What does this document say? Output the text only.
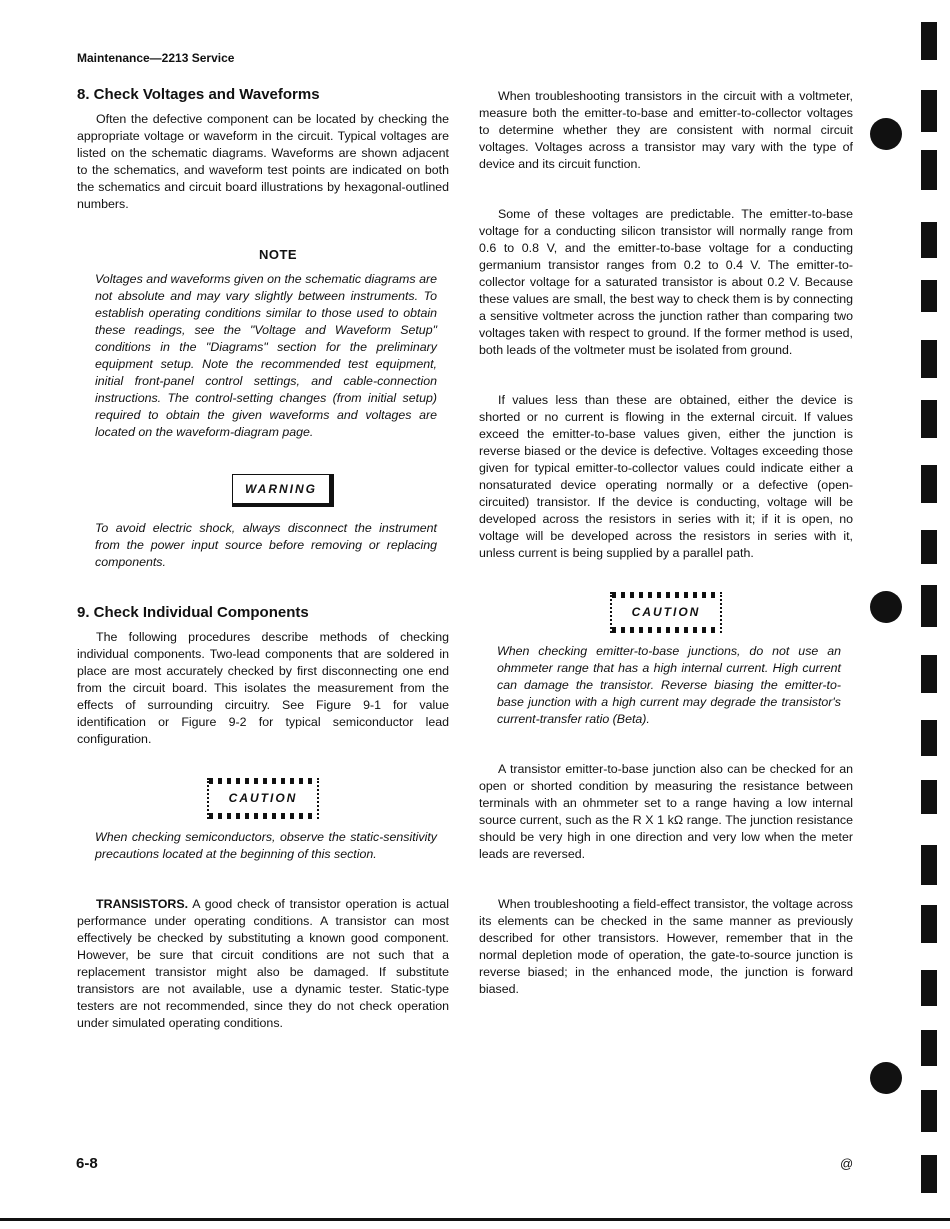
Maintenance—2213 Service
8. Check Voltages and Waveforms

Often the defective component can be located by checking the appropriate voltage or waveform in the circuit. Typical voltages are listed on the schematic diagrams. Waveforms are shown adjacent to the schematics, and waveform test points are indicated on both the schematics and circuit board illustrations by hexagonal-outlined numbers.

NOTE

Voltages and waveforms given on the schematic diagrams are not absolute and may vary slightly between instruments. To establish operating conditions similar to those used to obtain these readings, see the "Voltage and Waveform Setup" conditions in the "Diagrams" section for the preliminary equipment setup. Note the recommended test equipment, initial front-panel control settings, and cable-connection instructions. The control-setting changes (from initial setup) required to obtain the given waveforms and voltages are located on the waveform-diagram page.

WARNING

To avoid electric shock, always disconnect the instrument from the power input source before removing or replacing components.

9. Check Individual Components

The following procedures describe methods of checking individual components. Two-lead components that are soldered in place are most accurately checked by first disconnecting one end from the circuit board. This isolates the measurement from the effects of surrounding circuitry. See Figure 9-1 for value identification or Figure 9-2 for typical semiconductor lead configuration.

CAUTION

When checking semiconductors, observe the static-sensitivity precautions located at the beginning of this section.

TRANSISTORS. A good check of transistor operation is actual performance under operating conditions. A transistor can most effectively be checked by substituting a known good component. However, be sure that circuit conditions are not such that a replacement transistor might also be damaged. If substitute transistors are not available, use a dynamic tester. Static-type testers are not recommended, since they do not check operation under simulated operating conditions.

When troubleshooting transistors in the circuit with a voltmeter, measure both the emitter-to-base and emitter-to-collector voltages to determine whether they are consistent with normal circuit voltages. Voltages across a transistor may vary with the type of device and its circuit function.

Some of these voltages are predictable. The emitter-to-base voltage for a conducting silicon transistor will normally range from 0.6 to 0.8 V, and the emitter-to-base voltage for a conducting germanium transistor ranges from 0.2 to 0.4 V. The emitter-to-collector voltage for a saturated transistor is about 0.2 V. Because these values are small, the best way to check them is by connecting a sensitive voltmeter across the junction rather than comparing two voltages taken with respect to ground. If the former method is used, both leads of the voltmeter must be isolated from ground.

If values less than these are obtained, either the device is shorted or no current is flowing in the external circuit. If values exceed the emitter-to-base values given, either the junction is reverse biased or the device is defective. Voltages exceeding those given for typical emitter-to-collector values could indicate either a nonsaturated device operating normally or a defective (open-circuited) transistor. If the device is conducting, voltage will be developed across the resistors in series with it; if it is open, no voltage will be developed across the resistors in series with it, unless current is being supplied by a parallel path.

CAUTION

When checking emitter-to-base junctions, do not use an ohmmeter range that has a high internal current. High current can damage the transistor. Reverse biasing the emitter-to-base junction with a high current may degrade the transistor's current-transfer ratio (Beta).

A transistor emitter-to-base junction also can be checked for an open or shorted condition by measuring the resistance between terminals with an ohmmeter set to a range having a low internal source current, such as the R X 1 kΩ range. The junction resistance should be very high in one direction and very low when the meter leads are reversed.

When troubleshooting a field-effect transistor, the voltage across its elements can be checked in the same manner as previously described for other transistors. However, remember that in the normal depletion mode of operation, the gate-to-source junction is reverse biased; in the enhanced mode, the junction is forward biased.

6-8	@
